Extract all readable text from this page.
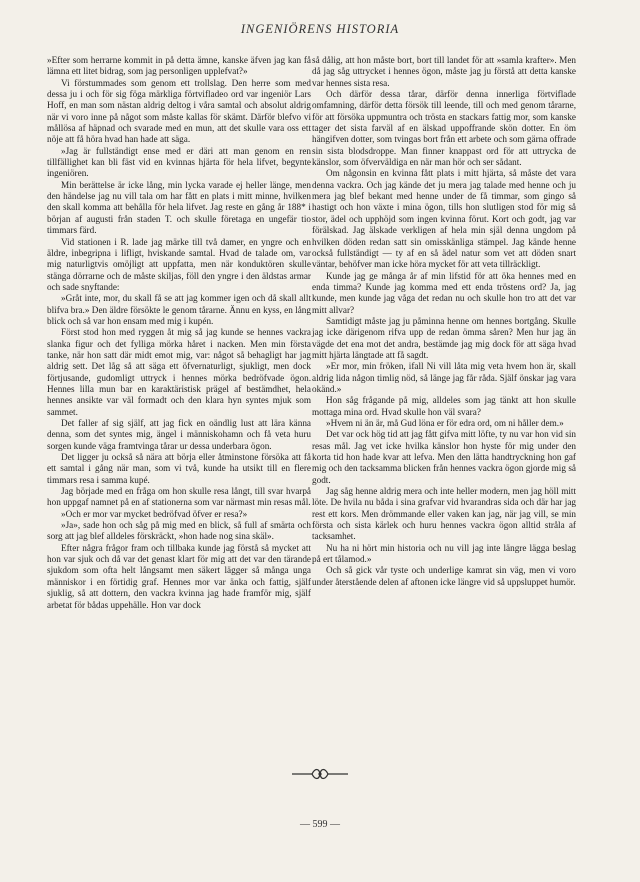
INGENIÖRENS HISTORIA

»Efter som herrarne kommit in på detta ämne, kanske äfven jag kan få lämna ett litet bidrag, som jag personligen upplefvat?»

Vi förstummades som genom ett trollslag. Den herre som med dessa ju i och för sig föga märkliga förtvifladeo ord var ingeniör Lars Hoff, en man som nästan aldrig deltog i våra samtal och absolut aldrig när vi voro inne på något som måste kallas för skämt. Därför blefvo vi mållösa af häpnad och svarade med en mun, att det skulle vara oss ett nöje att få höra hvad han hade att säga.

»Jag är fullständigt ense med er däri att man genom en ren tillfällighet kan bli fäst vid en kvinnas hjärta för hela lifvet, begynte ingeniören.

Min berättelse är icke lång, min lycka varade ej heller länge, men den händelse jag nu vill tala om har fått en plats i mitt minne, hvilken den skall komma att behålla för hela lifvet. Jag reste en gång år 188* i början af augusti från staden T. och skulle företaga en ungefär tio timmars färd.

Vid stationen i R. lade jag märke till två damer, en yngre och en äldre, inbegripna i lifligt, hviskande samtal. Hvad de talade om, var mig naturligtvis omöjligt att uppfatta, men när konduktören skulle stänga dörrarne och de måste skiljas, föll den yngre i den äldstas armar och sade snyftande:

»Gråt inte, mor, du skall få se att jag kommer igen och då skall allt blifva bra.» Den äldre försökte le genom tårarne. Ännu en kyss, en lång blick och så var hon ensam med mig i kupén.

Först stod hon med ryggen åt mig så jag kunde se hennes vackra slanka figur och det fylliga mörka håret i nacken. Men min första tanke, när hon satt där midt emot mig, var: något så behagligt har jag aldrig sett. Det låg så att säga ett öfvernaturligt, sjukligt, men dock förtjusande, gudomligt uttryck i hennes mörka bedröfvade ögon. Hennes lilla mun bar en karaktäristisk prägel af bestämdhet, hela hennes ansikte var väl formadt och den klara hyn syntes mjuk som sammet.

Det faller af sig själf, att jag fick en oändlig lust att lära känna denna, som det syntes mig, ängel i människohamn och få veta huru sorgen kunde väga framtvinga tårar ur dessa underbara ögon.

Det ligger ju också så nära att börja eller åtminstone försöka att få ett samtal i gång när man, som vi två, kunde ha utsikt till en flere timmars resa i samma kupé.

Jag började med en fråga om hon skulle resa långt, till svar hvarpå hon uppgaf namnet på en af stationerna som var närmast min resas mål.

»Och er mor var mycket bedröfvad öfver er resa?»

»Ja», sade hon och såg på mig med en blick, så full af smärta och sorg att jag blef alldeles förskräckt, »hon hade nog sina skäl».

Efter några frågor fram och tillbaka kunde jag förstå så mycket att hon var sjuk och då var det genast klart för mig att det var den tärande sjukdom som ofta helt långsamt men säkert lägger så många unga människor i en förtidig graf. Hennes mor var änka och fattig, själf sjuklig, så att dottern, den vackra kvinna jag hade framför mig, själf arbetat för bådas uppehälle. Hon var dock

så dålig, att hon måste bort, bort till landet för att »samla krafter». Men då jag såg uttrycket i hennes ögon, måste jag ju förstå att detta kanske var hennes sista resa.

Och därför dessa tårar, därför denna innerliga förtviflade omfamning, därför detta försök till leende, till och med genom tårarne, för att försöka uppmuntra och trösta en stackars fattig mor, som kanske tager det sista farväl af en älskad uppoffrande skön dotter. En öm hängifven dotter, som tvingas bort från ett arbete och som gärna offrade sin sista blodsdroppe. Man finner knappast ord för att uttrycka de känslor, som öfverväldiga en när man hör och ser sådant.

Om någonsin en kvinna fått plats i mitt hjärta, så måste det vara denna vackra. Och jag kände det ju mera jag talade med henne och ju mera jag blef bekant med henne under de få timmar, som gingo så hastigt och hon växte i mina ögon, tills hon slutligen stod för mig så stor, ädel och upphöjd som ingen kvinna förut. Kort och godt, jag var förälskad. Jag älskade verkligen af hela min själ denna ungdom på hvilken döden redan satt sin omisskänliga stämpel. Jag kände henne också fullständigt — ty af en så ädel natur som vet att döden snart väntar, behöfver man icke höra mycket för att veta tillräckligt.

Kunde jag ge många år af min lifstid för att öka hennes med en enda timma? Kunde jag komma med ett enda tröstens ord? Ja, jag kunde, men kunde jag våga det redan nu och skulle hon tro att det var mitt allvar?

Samtidigt måste jag ju påminna henne om hennes bortgång. Skulle jag icke därigenom rifva upp de redan ömma såren? Men hur jag än vägde det ena mot det andra, bestämde jag mig dock för att säga hvad mitt hjärta längtade att få sagdt.

»Er mor, min fröken, ifall Ni vill låta mig veta hvem hon är, skall aldrig lida någon timlig nöd, så länge jag får råda. Själf önskar jag vara okänd.»

Hon såg frågande på mig, alldeles som jag tänkt att hon skulle mottaga mina ord. Hvad skulle hon väl svara?

»Hvem ni än är, må Gud löna er för edra ord, om ni håller dem.»

Det var ock hög tid att jag fått gifva mitt löfte, ty nu var hon vid sin resas mål. Jag vet icke hvilka känslor hon hyste för mig under den korta tid hon hade kvar att lefva. Men den lätta handtryckning hon gaf mig och den tacksamma blicken från hennes vackra ögon gjorde mig så godt.

Jag såg henne aldrig mera och inte heller modern, men jag höll mitt löte. De hvila nu båda i sina grafvar vid hvarandras sida och där har jag rest ett kors. Men drömmande eller vaken kan jag, när jag vill, se min första och sista kärlek och huru hennes vackra ögon alltid stråla af tacksamhet.

Nu ha ni hört min historia och nu vill jag inte längre lägga beslag på ert tålamod.»

Och så gick vår tyste och underlige kamrat sin väg, men vi voro under återstående delen af aftonen icke längre vid så uppsluppet humör.

— 599 —
